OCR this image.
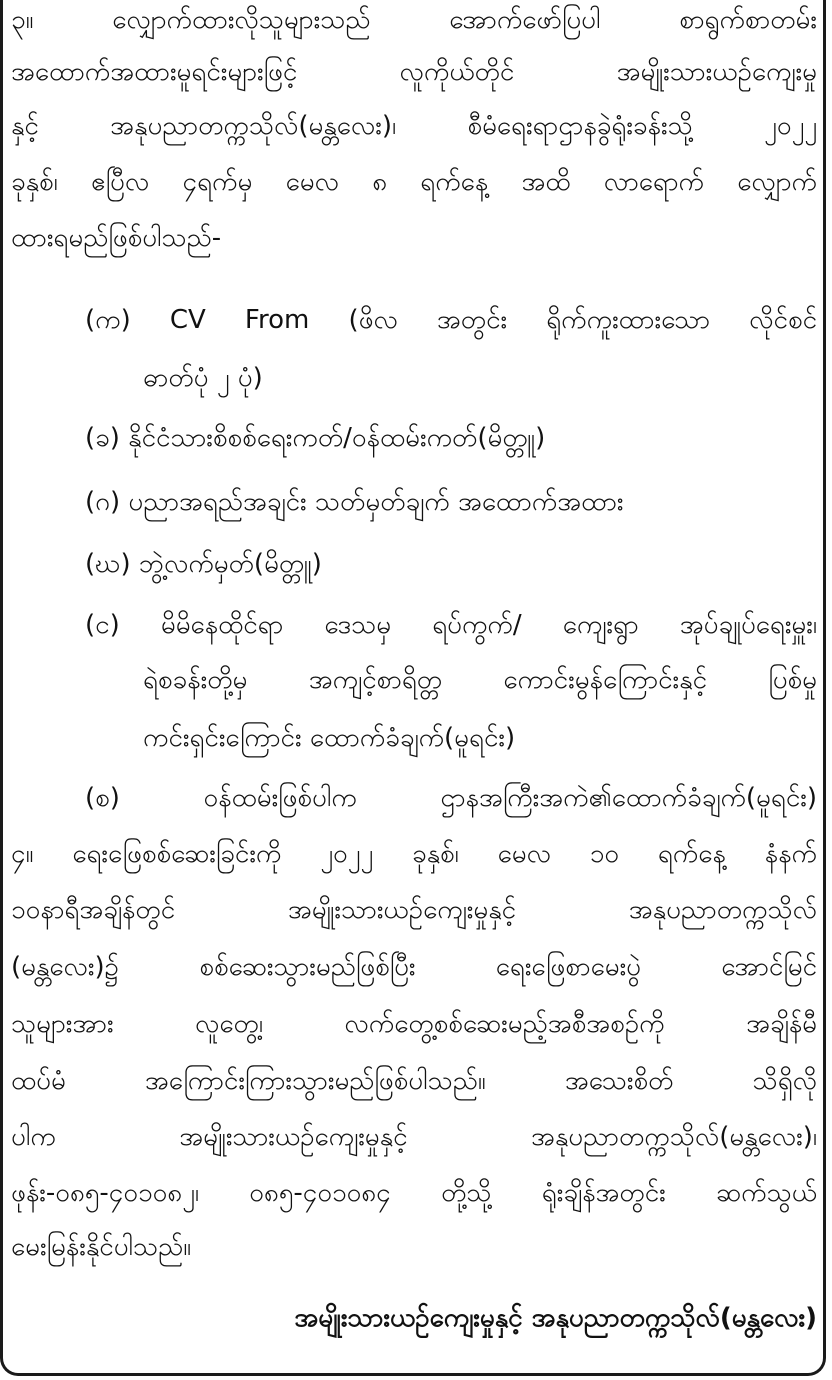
၃။ လျှောက်ထားလိုသူများသည် အောက်ဖော်ပြပါ စာရွက်စာတမ်း
အထောက်အထားမူရင်းများဖြင့် လူကိုယ်တိုင် အမျိုးသားယဉ်ကျေးမှု
နှင့် အနုပညာတက္ကသိုလ်(မန္တလေး)၊ စီမံရေးရာဌာနခွဲရုံးခန်းသို့ ၂၀၂၂
ခုနှစ်၊ ဧပြီလ ၄ရက်မှ မေလ ၈ ရက်နေ့ အထိ လာရောက် လျှောက်
ထားရမည်ဖြစ်ပါသည်-
(က) CV From (ဖိလ အတွင်း ရိုက်ကူးထားသော လိုင်စင်
ဓာတ်ပုံ ၂ ပုံ)
(ခ) နိုင်ငံသားစိစစ်ရေးကတ်/ဝန်ထမ်းကတ်(မိတ္တူ)
(ဂ) ပညာအရည်အချင်း သတ်မှတ်ချက် အထောက်အထား
(ဃ) ဘွဲ့လက်မှတ်(မိတ္တူ)
(င) မိမိနေထိုင်ရာ ဒေသမှ ရပ်ကွက်/ ကျေးရွာ အုပ်ချုပ်ရေးမှူး၊
ရဲစခန်းတို့မှ အကျင့်စာရိတ္တ ကောင်းမွန်ကြောင်းနှင့် ပြစ်မှု
ကင်းရှင်းကြောင်း ထောက်ခံချက်(မူရင်း)
(စ) ဝန်ထမ်းဖြစ်ပါက ဌာနအကြီးအကဲ၏ထောက်ခံချက်(မူရင်း)
၄။ ရေးဖြေစစ်ဆေးခြင်းကို ၂၀၂၂ ခုနှစ်၊ မေလ ၁၀ ရက်နေ့ နံနက်
၁၀နာရီအချိန်တွင် အမျိုးသားယဉ်ကျေးမှုနှင့် အနုပညာတက္ကသိုလ်
(မန္တလေး)၌ စစ်ဆေးသွားမည်ဖြစ်ပြီး ရေးဖြေစာမေးပွဲ အောင်မြင်
သူများအား လူတွေ့၊ လက်တွေ့စစ်ဆေးမည့်အစီအစဉ်ကို အချိန်မီ
ထပ်မံ အကြောင်းကြားသွားမည်ဖြစ်ပါသည်။ အသေးစိတ် သိရှိလို
ပါက အမျိုးသားယဉ်ကျေးမှုနှင့် အနုပညာတက္ကသိုလ်(မန္တလေး)၊
ဖုန်း-၀၈၅-၄၀၁၀၈၂၊ ၀၈၅-၄၀၁၀၈၄ တို့သို့ ရုံးချိန်အတွင်း ဆက်သွယ်
မေးမြန်းနိုင်ပါသည်။
အမျိုးသားယဉ်ကျေးမှုနှင့် အနုပညာတက္ကသိုလ်(မန္တလေး)
